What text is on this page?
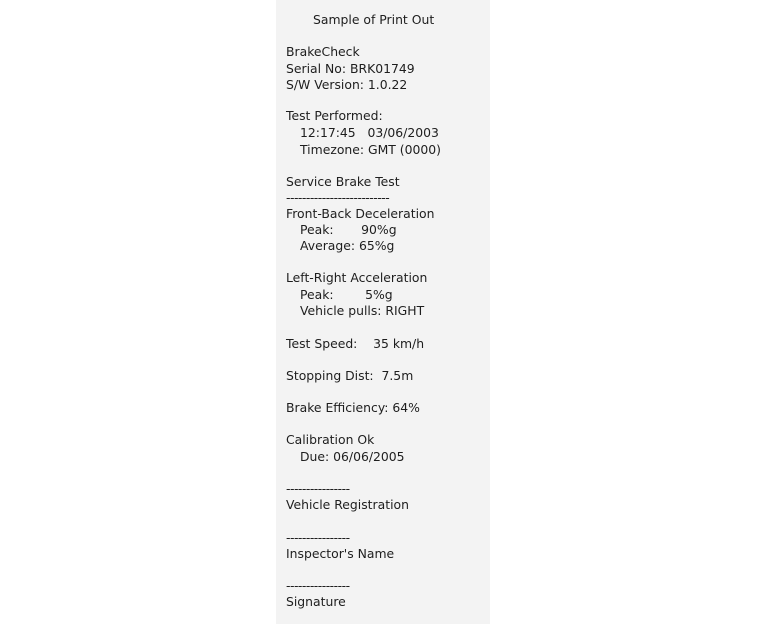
Sample of Print Out
BrakeCheck
Serial No: BRK01749
S/W Version: 1.0.22
Test Performed:
12:17:45   03/06/2003
Timezone: GMT (0000)
Service Brake Test
--------------------------
Front-Back Deceleration
Peak:       90%g
Average: 65%g
Left-Right Acceleration
Peak:        5%g
Vehicle pulls: RIGHT
Test Speed:    35 km/h
Stopping Dist:  7.5m
Brake Efficiency: 64%
Calibration Ok
Due: 06/06/2005
----------------
Vehicle Registration
----------------
Inspector's Name
----------------
Signature
